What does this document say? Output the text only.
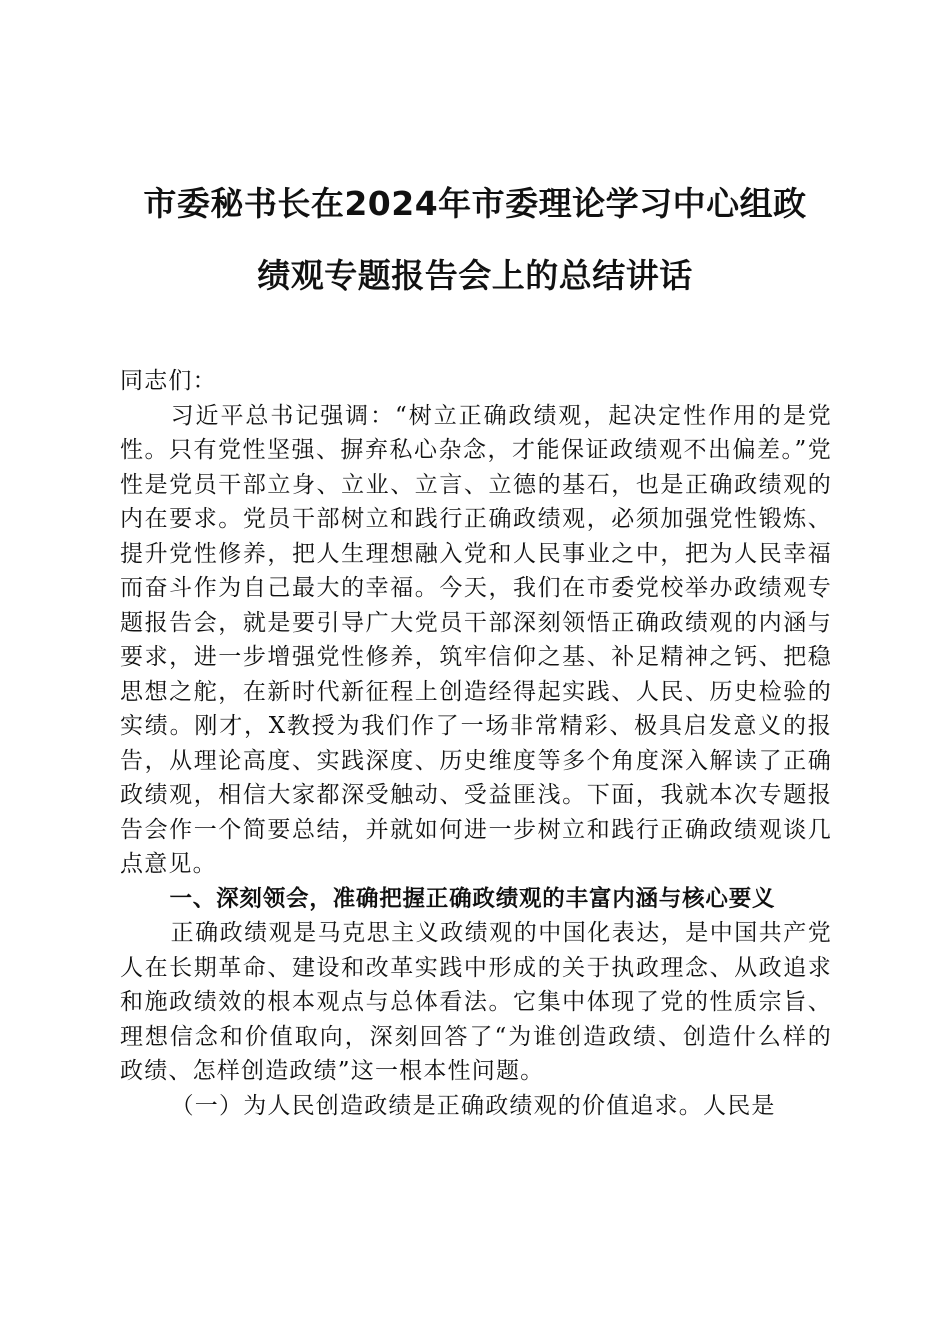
市委秘书长在2024年市委理论学习中心组政
绩观专题报告会上的总结讲话

同志们：

习近平总书记强调：“树立正确政绩观，起决定性作用的是党性。只有党性坚强、摒弃私心杂念，才能保证政绩观不出偏差。”党性是党员干部立身、立业、立言、立德的基石，也是正确政绩观的内在要求。党员干部树立和践行正确政绩观，必须加强党性锻炼、提升党性修养，把人生理想融入党和人民事业之中，把为人民幸福而奋斗作为自己最大的幸福。今天，我们在市委党校举办政绩观专题报告会，就是要引导广大党员干部深刻领悟正确政绩观的内涵与要求，进一步增强党性修养，筑牢信仰之基、补足精神之钙、把稳思想之舵，在新时代新征程上创造经得起实践、人民、历史检验的实绩。刚才，X教授为我们作了一场非常精彩、极具启发意义的报告，从理论高度、实践深度、历史维度等多个角度深入解读了正确政绩观，相信大家都深受触动、受益匪浅。下面，我就本次专题报告会作一个简要总结，并就如何进一步树立和践行正确政绩观谈几点意见。

一、深刻领会，准确把握正确政绩观的丰富内涵与核心要义

正确政绩观是马克思主义政绩观的中国化表达，是中国共产党人在长期革命、建设和改革实践中形成的关于执政理念、从政追求和施政绩效的根本观点与总体看法。它集中体现了党的性质宗旨、理想信念和价值取向，深刻回答了“为谁创造政绩、创造什么样的政绩、怎样创造政绩”这一根本性问题。

（一）为人民创造政绩是正确政绩观的价值追求。人民是
